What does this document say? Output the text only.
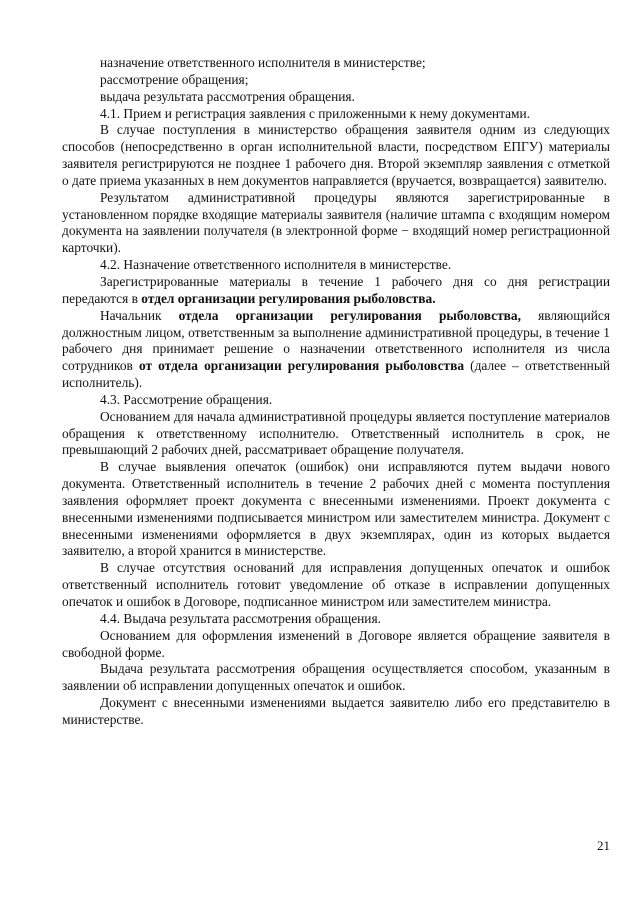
назначение ответственного исполнителя в министерстве;

рассмотрение обращения;

выдача результата рассмотрения обращения.

4.1. Прием и регистрация заявления с приложенными к нему документами.

В случае поступления в министерство обращения заявителя одним из следующих способов (непосредственно в орган исполнительной власти, посредством ЕПГУ) материалы заявителя регистрируются не позднее 1 рабочего дня. Второй экземпляр заявления с отметкой о дате приема указанных в нем документов направляется (вручается, возвращается) заявителю.

Результатом административной процедуры являются зарегистрированные в установленном порядке входящие материалы заявителя (наличие штампа с входящим номером документа на заявлении получателя (в электронной форме − входящий номер регистрационной карточки).

4.2. Назначение ответственного исполнителя в министерстве.

Зарегистрированные материалы в течение 1 рабочего дня со дня регистрации передаются в отдел организации регулирования рыболовства.

Начальник отдела организации регулирования рыболовства, являющийся должностным лицом, ответственным за выполнение административной процедуры, в течение 1 рабочего дня принимает решение о назначении ответственного исполнителя из числа сотрудников от отдела организации регулирования рыболовства (далее – ответственный исполнитель).

4.3. Рассмотрение обращения.

Основанием для начала административной процедуры является поступление материалов обращения к ответственному исполнителю. Ответственный исполнитель в срок, не превышающий 2 рабочих дней, рассматривает обращение получателя.

В случае выявления опечаток (ошибок) они исправляются путем выдачи нового документа. Ответственный исполнитель в течение 2 рабочих дней с момента поступления заявления оформляет проект документа с внесенными изменениями. Проект документа с внесенными изменениями подписывается министром или заместителем министра. Документ с внесенными изменениями оформляется в двух экземплярах, один из которых выдается заявителю, а второй хранится в министерстве.

В случае отсутствия оснований для исправления допущенных опечаток и ошибок ответственный исполнитель готовит уведомление об отказе в исправлении допущенных опечаток и ошибок в Договоре, подписанное министром или заместителем министра.

4.4. Выдача результата рассмотрения обращения.

Основанием для оформления изменений в Договоре является обращение заявителя в свободной форме.

Выдача результата рассмотрения обращения осуществляется способом, указанным в заявлении об исправлении допущенных опечаток и ошибок.

Документ с внесенными изменениями выдается заявителю либо его представителю в министерстве.

21
